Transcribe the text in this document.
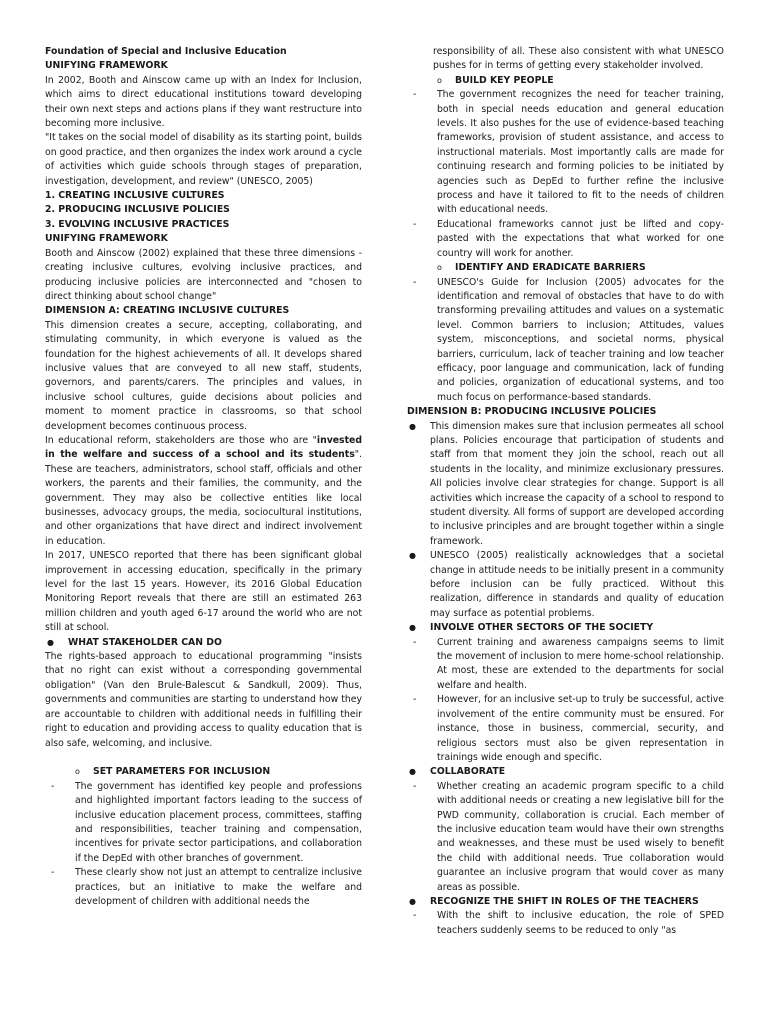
Foundation of Special and Inclusive Education

UNIFYING FRAMEWORK

In 2002, Booth and Ainscow came up with an Index for Inclusion, which aims to direct educational institutions toward developing their own next steps and actions plans if they want restructure into becoming more inclusive.

"It takes on the social model of disability as its starting point, builds on good practice, and then organizes the index work around a cycle of activities which guide schools through stages of preparation, investigation, development, and review" (UNESCO, 2005)

1. CREATING INCLUSIVE CULTURES

2. PRODUCING INCLUSIVE POLICIES

3. EVOLVING INCLUSIVE PRACTICES

UNIFYING FRAMEWORK

Booth and Ainscow (2002) explained that these three dimensions - creating inclusive cultures, evolving inclusive practices, and producing inclusive policies are interconnected and "chosen to direct thinking about school change"

DIMENSION A: CREATING INCLUSIVE CULTURES

This dimension creates a secure, accepting, collaborating, and stimulating community, in which everyone is valued as the foundation for the highest achievements of all. It develops shared inclusive values that are conveyed to all new staff, students, governors, and parents/carers. The principles and values, in inclusive school cultures, guide decisions about policies and moment to moment practice in classrooms, so that school development becomes continuous process.

In educational reform, stakeholders are those who are "invested in the welfare and success of a school and its students". These are teachers, administrators, school staff, officials and other workers, the parents and their families, the community, and the government. They may also be collective entities like local businesses, advocacy groups, the media, sociocultural institutions, and other organizations that have direct and indirect involvement in education.

In 2017, UNESCO reported that there has been significant global improvement in accessing education, specifically in the primary level for the last 15 years. However, its 2016 Global Education Monitoring Report reveals that there are still an estimated 263 million children and youth aged 6-17 around the world who are not still at school.

●	WHAT STAKEHOLDER CAN DO

The rights-based approach to educational programming "insists that no right can exist without a corresponding governmental obligation" (Van den Brule-Balescut & Sandkull, 2009). Thus, governments and communities are starting to understand how they are accountable to children with additional needs in fulfilling their right to education and providing access to quality education that is also safe, welcoming, and inclusive.

o	SET PARAMETERS FOR INCLUSION
-	The government has identified key people and professions and highlighted important factors leading to the success of inclusive education placement process, committees, staffing and responsibilities, teacher training and compensation, incentives for private sector participations, and collaboration if the DepEd with other branches of government.
-	These clearly show not just an attempt to centralize inclusive practices, but an initiative to make the welfare and development of children with additional needs the

responsibility of all. These also consistent with what UNESCO pushes for in terms of getting every stakeholder involved.

o	BUILD KEY PEOPLE
-	The government recognizes the need for teacher training, both in special needs education and general education levels. It also pushes for the use of evidence-based teaching frameworks, provision of student assistance, and access to instructional materials. Most importantly calls are made for continuing research and forming policies to be initiated by agencies such as DepEd to further refine the inclusive process and have it tailored to fit to the needs of children with educational needs.
-	Educational frameworks cannot just be lifted and copy-pasted with the expectations that what worked for one country will work for another.
o	IDENTIFY AND ERADICATE BARRIERS
-	UNESCO's Guide for Inclusion (2005) advocates for the identification and removal of obstacles that have to do with transforming prevailing attitudes and values on a systematic level. Common barriers to inclusion; Attitudes, values system, misconceptions, and societal norms, physical barriers, curriculum, lack of teacher training and low teacher efficacy, poor language and communication, lack of funding and policies, organization of educational systems, and too much focus on performance-based standards.

DIMENSION B: PRODUCING INCLUSIVE POLICIES

●	This dimension makes sure that inclusion permeates all school plans. Policies encourage that participation of students and staff from that moment they join the school, reach out all students in the locality, and minimize exclusionary pressures. All policies involve clear strategies for change. Support is all activities which increase the capacity of a school to respond to student diversity. All forms of support are developed according to inclusive principles and are brought together within a single framework.
●	UNESCO (2005) realistically acknowledges that a societal change in attitude needs to be initially present in a community before inclusion can be fully practiced. Without this realization, difference in standards and quality of education may surface as potential problems.
●	INVOLVE OTHER SECTORS OF THE SOCIETY
-	Current training and awareness campaigns seems to limit the movement of inclusion to mere home-school relationship. At most, these are extended to the departments for social welfare and health.
-	However, for an inclusive set-up to truly be successful, active involvement of the entire community must be ensured. For instance, those in business, commercial, security, and religious sectors must also be given representation in trainings wide enough and specific.
●	COLLABORATE
-	Whether creating an academic program specific to a child with additional needs or creating a new legislative bill for the PWD community, collaboration is crucial. Each member of the inclusive education team would have their own strengths and weaknesses, and these must be used wisely to benefit the child with additional needs. True collaboration would guarantee an inclusive program that would cover as many areas as possible.
●	RECOGNIZE THE SHIFT IN ROLES OF THE TEACHERS
-	With the shift to inclusive education, the role of SPED teachers suddenly seems to be reduced to only "as
